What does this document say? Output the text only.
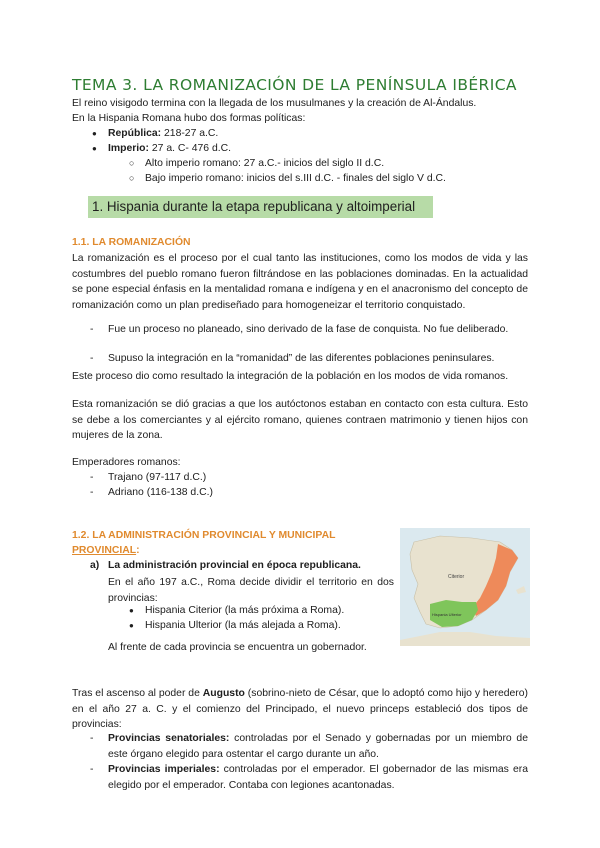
TEMA 3. LA ROMANIZACIÓN DE LA PENÍNSULA IBÉRICA
El reino visigodo termina con la llegada de los musulmanes y la creación de Al-Ándalus.
En la Hispania Romana hubo dos formas políticas:
● República: 218-27 a.C.
● Imperio: 27 a. C- 476 d.C.
○ Alto imperio romano: 27 a.C.- inicios del siglo II d.C.
○ Bajo imperio romano: inicios del s.III d.C. - finales del siglo V d.C.
1. Hispania durante la etapa republicana y altoimperial
1.1. LA ROMANIZACIÓN

La romanización es el proceso por el cual tanto las instituciones, como los modos de vida y las costumbres del pueblo romano fueron filtrándose en las poblaciones dominadas. En la actualidad se pone especial énfasis en la mentalidad romana e indígena y en el anacronismo del concepto de romanización como un plan prediseñado para homogeneizar el territorio conquistado.

- Fue un proceso no planeado, sino derivado de la fase de conquista. No fue deliberado.

- Supuso la integración en la “romanidad” de las diferentes poblaciones peninsulares.

Este proceso dio como resultado la integración de la población en los modos de vida romanos.

Esta romanización se dió gracias a que los autóctonos estaban en contacto con esta cultura. Esto se debe a los comerciantes y al ejército romano, quienes contraen matrimonio y tienen hijos con mujeres de la zona.

Emperadores romanos:
- Trajano (97-117 d.C.)
- Adriano (116-138 d.C.)
1.2. LA ADMINISTRACIÓN PROVINCIAL Y MUNICIPAL
PROVINCIAL:
a) La administración provincial en época republicana.

En el año 197 a.C., Roma decide dividir el territorio en dos provincias:

● Hispania Citerior (la más próxima a Roma).
● Hispania Ulterior (la más alejada a Roma).
Al frente de cada provincia se encuentra un gobernador.
Citerior
Hispania Ulterior

Tras el ascenso al poder de Augusto (sobrino-nieto de César, que lo adoptó como hijo y heredero) en el año 27 a. C. y el comienzo del Principado, el nuevo princeps estableció dos tipos de provincias:

- Provincias senatoriales: controladas por el Senado y gobernadas por un miembro de este órgano elegido para ostentar el cargo durante un año.

- Provincias imperiales: controladas por el emperador. El gobernador de las mismas era elegido por el emperador. Contaba con legiones acantonadas.
